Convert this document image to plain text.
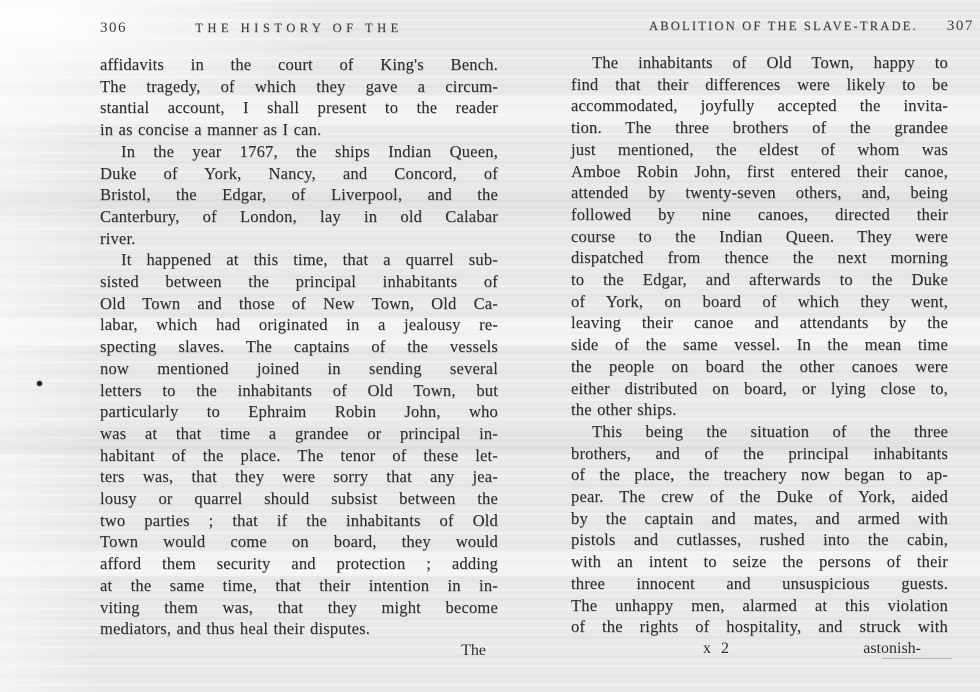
306	THE HISTORY OF THE
affidavits in the court of King's Bench.
The tragedy, of which they gave a circum-
stantial account, I shall present to the reader
in as concise a manner as I can.
In the year 1767, the ships Indian Queen,
Duke of York, Nancy, and Concord, of
Bristol, the Edgar, of Liverpool, and the
Canterbury, of London, lay in old Calabar
river.
It happened at this time, that a quarrel sub-
sisted between the principal inhabitants of
Old Town and those of New Town, Old Ca-
labar, which had originated in a jealousy re-
specting slaves. The captains of the vessels
now mentioned joined in sending several
letters to the inhabitants of Old Town, but
particularly to Ephraim Robin John, who
was at that time a grandee or principal in-
habitant of the place. The tenor of these let-
ters was, that they were sorry that any jea-
lousy or quarrel should subsist between the
two parties ; that if the inhabitants of Old
Town would come on board, they would
afford them security and protection ; adding
at the same time, that their intention in in-
viting them was, that they might become
mediators, and thus heal their disputes.
The
ABOLITION OF THE SLAVE-TRADE.	307
The inhabitants of Old Town, happy to
find that their differences were likely to be
accommodated, joyfully accepted the invita-
tion. The three brothers of the grandee
just mentioned, the eldest of whom was
Amboe Robin John, first entered their canoe,
attended by twenty-seven others, and, being
followed by nine canoes, directed their
course to the Indian Queen. They were
dispatched from thence the next morning
to the Edgar, and afterwards to the Duke
of York, on board of which they went,
leaving their canoe and attendants by the
side of the same vessel. In the mean time
the people on board the other canoes were
either distributed on board, or lying close to,
the other ships.
This being the situation of the three
brothers, and of the principal inhabitants
of the place, the treachery now began to ap-
pear. The crew of the Duke of York, aided
by the captain and mates, and armed with
pistols and cutlasses, rushed into the cabin,
with an intent to seize the persons of their
three innocent and unsuspicious guests.
The unhappy men, alarmed at this violation
of the rights of hospitality, and struck with
x 2	astonish-
